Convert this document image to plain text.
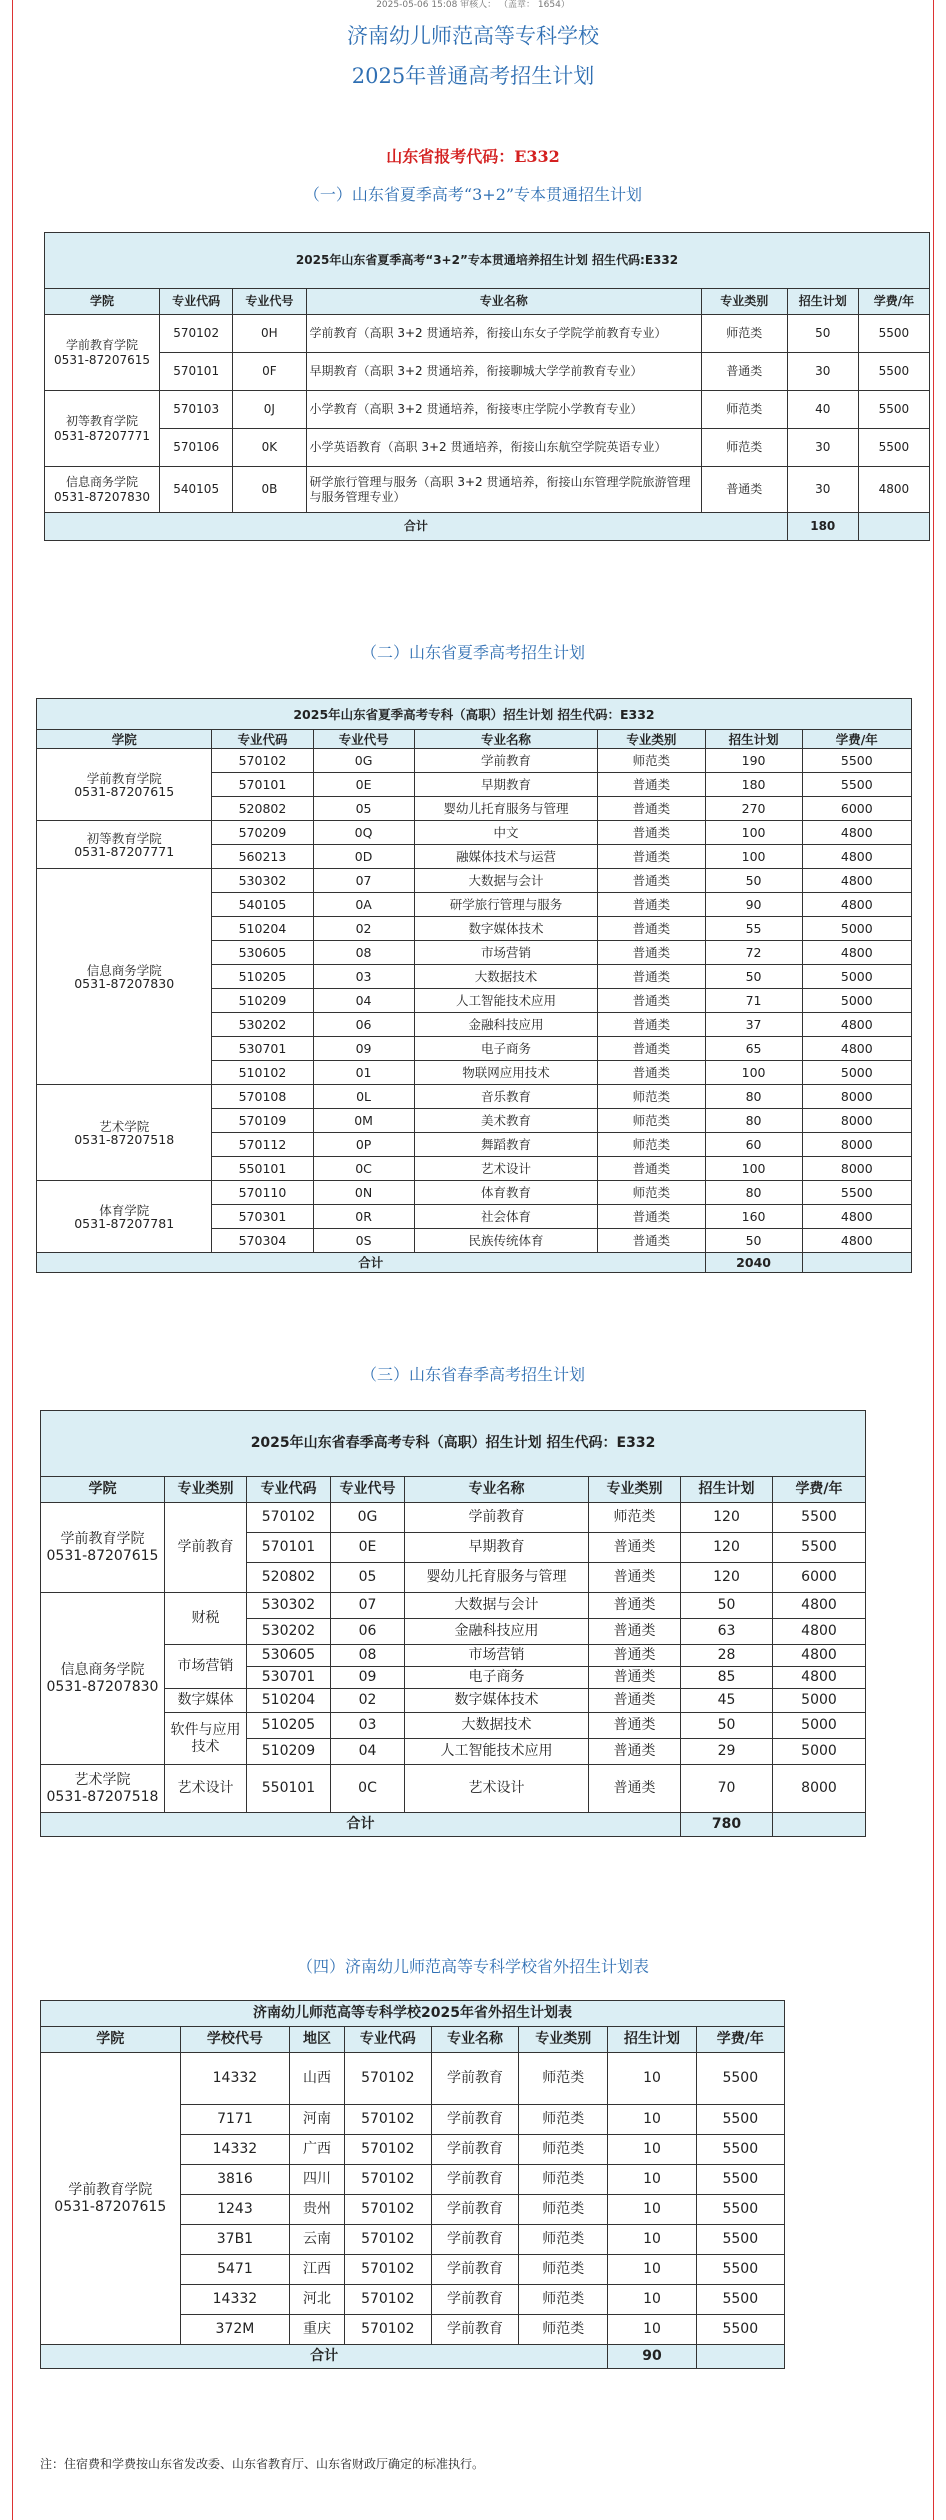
2025-05-06 15:08 审核人： （盖章： 1654）
济南幼儿师范高等专科学校
2025年普通高考招生计划
山东省报考代码：E332
（一）山东省夏季高考“3+2”专本贯通招生计划
2025年山东省夏季高考“3+2”专本贯通培养招生计划 招生代码:E332						
学院	专业代码	专业代号	专业名称	专业类别	招生计划	学费/年
学前教育学院
0531-87207615	570102	0H	学前教育（高职 3+2 贯通培养，衔接山东女子学院学前教育专业）	师范类	50	5500
	570101	0F	早期教育（高职 3+2 贯通培养，衔接聊城大学学前教育专业）	普通类	30	5500
初等教育学院
0531-87207771	570103	0J	小学教育（高职 3+2 贯通培养，衔接枣庄学院小学教育专业）	师范类	40	5500
	570106	0K	小学英语教育（高职 3+2 贯通培养，衔接山东航空学院英语专业）	师范类	30	5500
信息商务学院
0531-87207830	540105	0B	研学旅行管理与服务（高职 3+2 贯通培养，衔接山东管理学院旅游管理与服务管理专业）	普通类	30	4800
合计					180	
（二）山东省夏季高考招生计划
2025年山东省夏季高考专科（高职）招生计划 招生代码：E332						
学院	专业代码	专业代号	专业名称	专业类别	招生计划	学费/年
学前教育学院
0531-87207615	570102	0G	学前教育	师范类	190	5500
	570101	0E	早期教育	普通类	180	5500
	520802	05	婴幼儿托育服务与管理	普通类	270	6000
初等教育学院
0531-87207771	570209	0Q	中文	普通类	100	4800
	560213	0D	融媒体技术与运营	普通类	100	4800
信息商务学院
0531-87207830	530302	07	大数据与会计	普通类	50	4800
	540105	0A	研学旅行管理与服务	普通类	90	4800
	510204	02	数字媒体技术	普通类	55	5000
	530605	08	市场营销	普通类	72	4800
	510205	03	大数据技术	普通类	50	5000
	510209	04	人工智能技术应用	普通类	71	5000
	530202	06	金融科技应用	普通类	37	4800
	530701	09	电子商务	普通类	65	4800
	510102	01	物联网应用技术	普通类	100	5000
艺术学院
0531-87207518	570108	0L	音乐教育	师范类	80	8000
	570109	0M	美术教育	师范类	80	8000
	570112	0P	舞蹈教育	师范类	60	8000
	550101	0C	艺术设计	普通类	100	8000
体育学院
0531-87207781	570110	0N	体育教育	师范类	80	5500
	570301	0R	社会体育	普通类	160	4800
	570304	0S	民族传统体育	普通类	50	4800
合计					2040	
（三）山东省春季高考招生计划
2025年山东省春季高考专科（高职）招生计划 招生代码：E332							
学院	专业类别	专业代码	专业代号	专业名称	专业类别	招生计划	学费/年
学前教育学院
0531-87207615	学前教育	570102	0G	学前教育	师范类	120	5500
		570101	0E	早期教育	普通类	120	5500
		520802	05	婴幼儿托育服务与管理	普通类	120	6000
信息商务学院
0531-87207830	财税	530302	07	大数据与会计	普通类	50	4800
		530202	06	金融科技应用	普通类	63	4800
	市场营销	530605	08	市场营销	普通类	28	4800
		530701	09	电子商务	普通类	85	4800
	数字媒体	510204	02	数字媒体技术	普通类	45	5000
	软件与应用技术	510205	03	大数据技术	普通类	50	5000
		510209	04	人工智能技术应用	普通类	29	5000
艺术学院
0531-87207518	艺术设计	550101	0C	艺术设计	普通类	70	8000
合计						780	
（四）济南幼儿师范高等专科学校省外招生计划表
济南幼儿师范高等专科学校2025年省外招生计划表							
学院	学校代号	地区	专业代码	专业名称	专业类别	招生计划	学费/年
学前教育学院
0531-87207615	14332	山西	570102	学前教育	师范类	10	5500
	7171	河南	570102	学前教育	师范类	10	5500
	14332	广西	570102	学前教育	师范类	10	5500
	3816	四川	570102	学前教育	师范类	10	5500
	1243	贵州	570102	学前教育	师范类	10	5500
	37B1	云南	570102	学前教育	师范类	10	5500
	5471	江西	570102	学前教育	师范类	10	5500
	14332	河北	570102	学前教育	师范类	10	5500
	372M	重庆	570102	学前教育	师范类	10	5500
合计						90	
注：住宿费和学费按山东省发改委、山东省教育厅、山东省财政厅确定的标准执行。
